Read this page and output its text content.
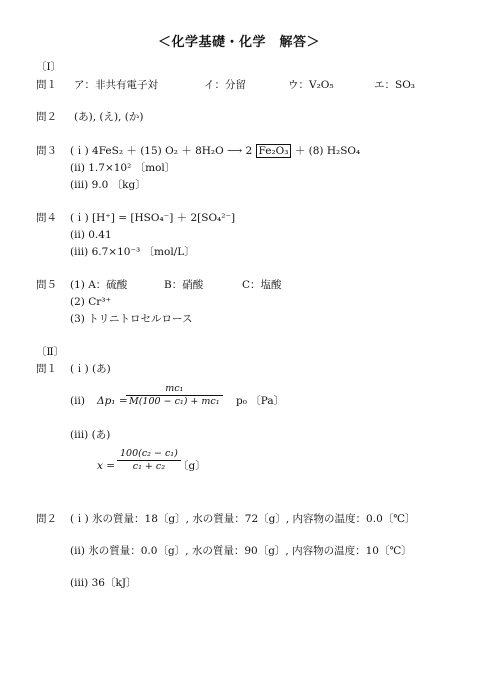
＜化学基礎・化学　解答＞
〔Ⅰ〕
問１ ア：非共有電子対	イ：分留	ウ：V₂O₅	エ：SO₃
問２ (あ), (え), (か)
問３ (ｉ) 4FeS₂ ＋ (15) O₂ ＋ 8H₂O ⟶ 2 Fe₂O₃ ＋ (8) H₂SO₄
(ⅱ) 1.7×10² 〔mol〕
(ⅲ) 9.0 〔kg〕
問４ (ｉ) [H⁺] = [HSO₄⁻] ＋ 2[SO₄²⁻]
(ⅱ) 0.41
(ⅲ) 6.7×10⁻³ 〔mol/L〕
問５ (1) A：硫酸	B：硝酸	C：塩酸
(2) Cr³⁺
(3) トリニトロセルロース
〔Ⅱ〕
問１ (ｉ) (あ)
(ⅱ) Δp₁ =
mc₁
M(100 − c₁) + mc₁ p₀ 〔Pa〕
(ⅲ) (あ)
x =
100(c₂ − c₁)
c₁ + c₂ 〔g〕
問２ (ｉ) 氷の質量：18〔g〕, 水の質量：72〔g〕, 内容物の温度：0.0〔℃〕
(ⅱ) 氷の質量：0.0〔g〕, 水の質量：90〔g〕, 内容物の温度：10〔℃〕
(ⅲ) 36〔kJ〕
